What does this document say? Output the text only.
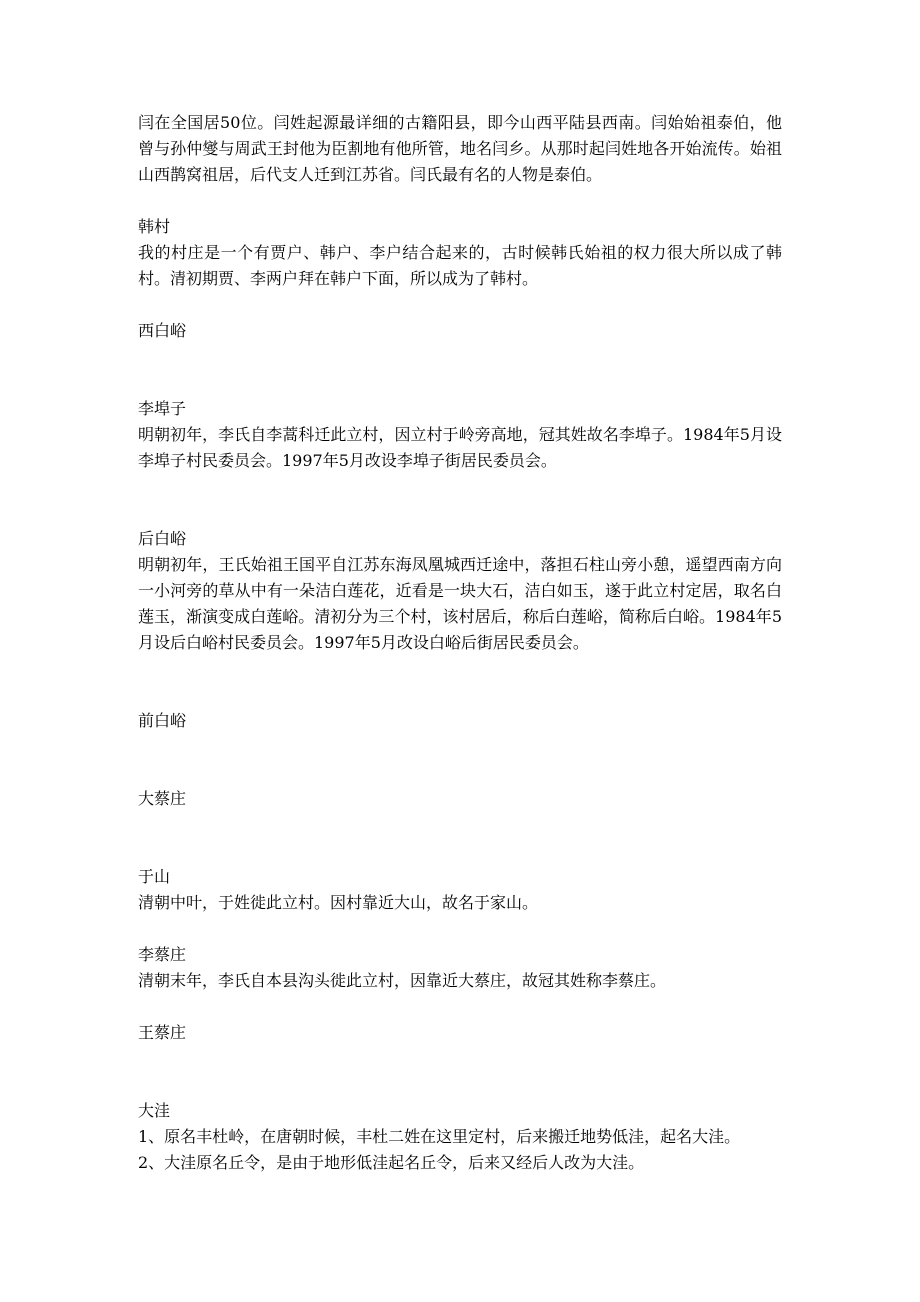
闫在全国居50位。闫姓起源最详细的古籍阳县，即今山西平陆县西南。闫始始祖泰伯，他曾与孙仲燮与周武王封他为臣割地有他所管，地名闫乡。从那时起闫姓地各开始流传。始祖山西鹊窝祖居，后代支人迁到江苏省。闫氏最有名的人物是泰伯。

韩村

我的村庄是一个有贾户、韩户、李户结合起来的，古时候韩氏始祖的权力很大所以成了韩村。清初期贾、李两户拜在韩户下面，所以成为了韩村。

西白峪

李埠子

明朝初年，李氏自李蒿科迁此立村，因立村于岭旁高地，冠其姓故名李埠子。1984年5月设李埠子村民委员会。1997年5月改设李埠子街居民委员会。

后白峪

明朝初年，王氏始祖王国平自江苏东海凤凰城西迁途中，落担石柱山旁小憩，遥望西南方向一小河旁的草从中有一朵洁白莲花，近看是一块大石，洁白如玉，遂于此立村定居，取名白莲玉，渐演变成白莲峪。清初分为三个村，该村居后，称后白莲峪，简称后白峪。1984年5月设后白峪村民委员会。1997年5月改设白峪后街居民委员会。

前白峪

大蔡庄

于山

清朝中叶，于姓徙此立村。因村靠近大山，故名于家山。

李蔡庄

清朝末年，李氏自本县沟头徙此立村，因靠近大蔡庄，故冠其姓称李蔡庄。

王蔡庄

大洼

1、原名丰杜岭，在唐朝时候，丰杜二姓在这里定村，后来搬迁地势低洼，起名大洼。

2、大洼原名丘令，是由于地形低洼起名丘令，后来又经后人改为大洼。
